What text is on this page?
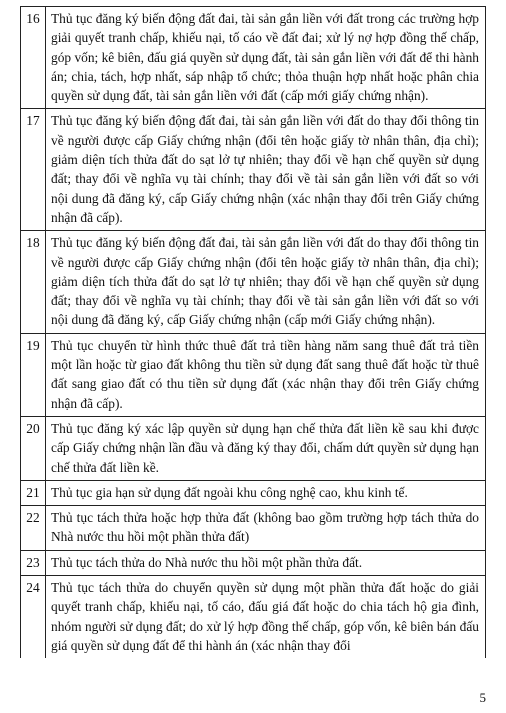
16	Thủ tục đăng ký biến động đất đai, tài sản gắn liền với đất trong các trường hợp giải quyết tranh chấp, khiếu nại, tố cáo về đất đai; xử lý nợ hợp đồng thế chấp, góp vốn; kê biên, đấu giá quyền sử dụng đất, tài sản gắn liền với đất để thi hành án; chia, tách, hợp nhất, sáp nhập tổ chức; thỏa thuận hợp nhất hoặc phân chia quyền sử dụng đất, tài sản gắn liền với đất (cấp mới giấy chứng nhận).
17	Thủ tục đăng ký biến động đất đai, tài sản gắn liền với đất do thay đổi thông tin về người được cấp Giấy chứng nhận (đổi tên hoặc giấy tờ nhân thân, địa chỉ); giảm diện tích thửa đất do sạt lở tự nhiên; thay đổi về hạn chế quyền sử dụng đất; thay đổi về nghĩa vụ tài chính; thay đổi về tài sản gắn liền với đất so với nội dung đã đăng ký, cấp Giấy chứng nhận (xác nhận thay đổi trên Giấy chứng nhận đã cấp).
18	Thủ tục đăng ký biến động đất đai, tài sản gắn liền với đất do thay đổi thông tin về người được cấp Giấy chứng nhận (đổi tên hoặc giấy tờ nhân thân, địa chỉ); giảm diện tích thửa đất do sạt lở tự nhiên; thay đổi về hạn chế quyền sử dụng đất; thay đổi về nghĩa vụ tài chính; thay đổi về tài sản gắn liền với đất so với nội dung đã đăng ký, cấp Giấy chứng nhận (cấp mới Giấy chứng nhận).
19	Thủ tục chuyển từ hình thức thuê đất trả tiền hàng năm sang thuê đất trả tiền một lần hoặc từ giao đất không thu tiền sử dụng đất sang thuê đất hoặc từ thuê đất sang giao đất có thu tiền sử dụng đất (xác nhận thay đổi trên Giấy chứng nhận đã cấp).
20	Thủ tục đăng ký xác lập quyền sử dụng hạn chế thửa đất liền kề sau khi được cấp Giấy chứng nhận lần đầu và đăng ký thay đổi, chấm dứt quyền sử dụng hạn chế thửa đất liền kề.
21	Thủ tục gia hạn sử dụng đất ngoài khu công nghệ cao, khu kinh tế.
22	Thủ tục tách thửa hoặc hợp thửa đất (không bao gồm trường hợp tách thửa do Nhà nước thu hồi một phần thửa đất)
23	Thủ tục tách thửa do Nhà nước thu hồi một phần thửa đất.
24	Thủ tục tách thửa do chuyển quyền sử dụng một phần thửa đất hoặc do giải quyết tranh chấp, khiếu nại, tố cáo, đấu giá đất hoặc do chia tách hộ gia đình, nhóm người sử dụng đất; do xử lý hợp đồng thế chấp, góp vốn, kê biên bán đấu giá quyền sử dụng đất để thi hành án (xác nhận thay đổi
5
